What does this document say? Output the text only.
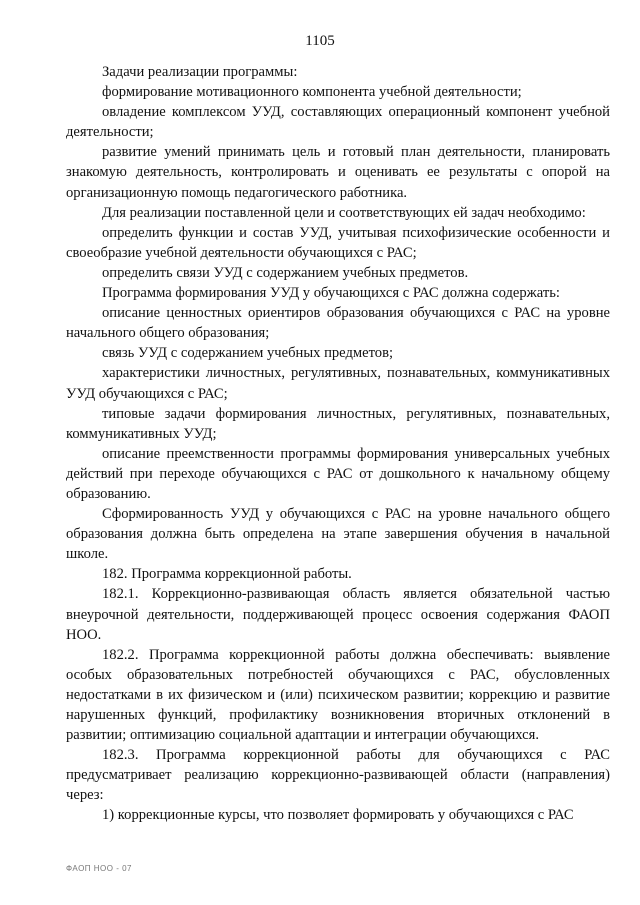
1105

Задачи реализации программы:

формирование мотивационного компонента учебной деятельности;

овладение комплексом УУД, составляющих операционный компонент учебной деятельности;

развитие умений принимать цель и готовый план деятельности, планировать знакомую деятельность, контролировать и оценивать ее результаты с опорой на организационную помощь педагогического работника.

Для реализации поставленной цели и соответствующих ей задач необходимо:

определить функции и состав УУД, учитывая психофизические особенности и своеобразие учебной деятельности обучающихся с РАС;

определить связи УУД с содержанием учебных предметов.

Программа формирования УУД у обучающихся с РАС должна содержать:

описание ценностных ориентиров образования обучающихся с РАС на уровне начального общего образования;

связь УУД с содержанием учебных предметов;

характеристики личностных, регулятивных, познавательных, коммуникативных УУД обучающихся с РАС;

типовые задачи формирования личностных, регулятивных, познавательных, коммуникативных УУД;

описание преемственности программы формирования универсальных учебных действий при переходе обучающихся с РАС от дошкольного к начальному общему образованию.

Сформированность УУД у обучающихся с РАС на уровне начального общего образования должна быть определена на этапе завершения обучения в начальной школе.

182. Программа коррекционной работы.

182.1. Коррекционно-развивающая область является обязательной частью внеурочной деятельности, поддерживающей процесс освоения содержания ФАОП НОО.

182.2. Программа коррекционной работы должна обеспечивать: выявление особых образовательных потребностей обучающихся с РАС, обусловленных недостатками в их физическом и (или) психическом развитии; коррекцию и развитие нарушенных функций, профилактику возникновения вторичных отклонений в развитии; оптимизацию социальной адаптации и интеграции обучающихся.

182.3. Программа коррекционной работы для обучающихся с РАС предусматривает реализацию коррекционно-развивающей области (направления) через:

1) коррекционные курсы, что позволяет формировать у обучающихся с РАС

ФАОП НОО - 07
